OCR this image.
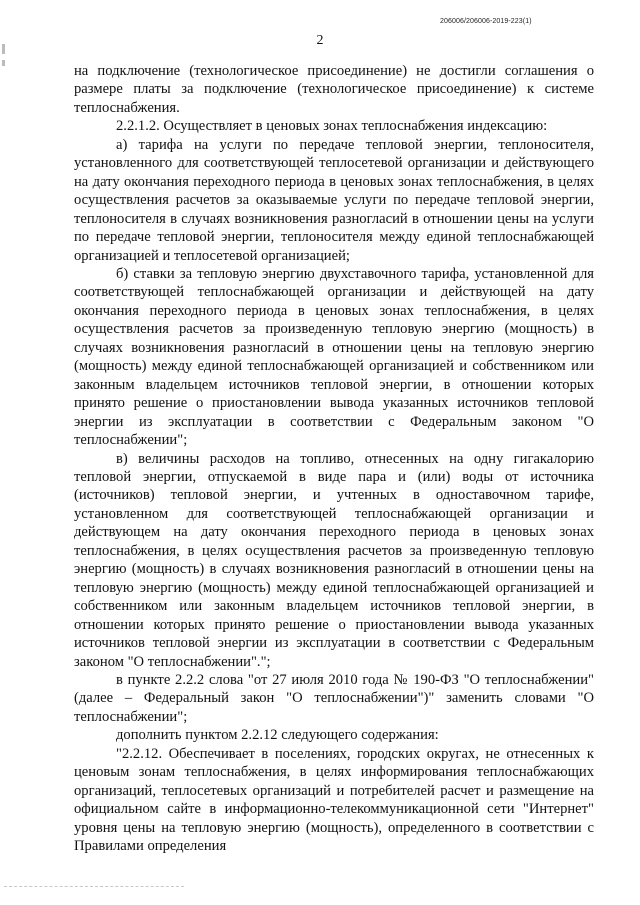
206006/206006-2019-223(1)
2

на подключение (технологическое присоединение) не достигли соглашения о размере платы за подключение (технологическое присоединение) к системе теплоснабжения.

2.2.1.2. Осуществляет в ценовых зонах теплоснабжения индексацию:

а) тарифа на услуги по передаче тепловой энергии, теплоносителя, установленного для соответствующей теплосетевой организации и действующего на дату окончания переходного периода в ценовых зонах теплоснабжения, в целях осуществления расчетов за оказываемые услуги по передаче тепловой энергии, теплоносителя в случаях возникновения разногласий в отношении цены на услуги по передаче тепловой энергии, теплоносителя между единой теплоснабжающей организацией и теплосетевой организацией;

б) ставки за тепловую энергию двухставочного тарифа, установленной для соответствующей теплоснабжающей организации и действующей на дату окончания переходного периода в ценовых зонах теплоснабжения, в целях осуществления расчетов за произведенную тепловую энергию (мощность) в случаях возникновения разногласий в отношении цены на тепловую энергию (мощность) между единой теплоснабжающей организацией и собственником или законным владельцем источников тепловой энергии, в отношении которых принято решение о приостановлении вывода указанных источников тепловой энергии из эксплуатации в соответствии с Федеральным законом "О теплоснабжении";

в) величины расходов на топливо, отнесенных на одну гигакалорию тепловой энергии, отпускаемой в виде пара и (или) воды от источника (источников) тепловой энергии, и учтенных в одноставочном тарифе, установленном для соответствующей теплоснабжающей организации и действующем на дату окончания переходного периода в ценовых зонах теплоснабжения, в целях осуществления расчетов за произведенную тепловую энергию (мощность) в случаях возникновения разногласий в отношении цены на тепловую энергию (мощность) между единой теплоснабжающей организацией и собственником или законным владельцем источников тепловой энергии, в отношении которых принято решение о приостановлении вывода указанных источников тепловой энергии из эксплуатации в соответствии с Федеральным законом "О теплоснабжении".";

в пункте 2.2.2 слова "от 27 июля 2010 года № 190-ФЗ "О теплоснабжении" (далее – Федеральный закон "О теплоснабжении")" заменить словами "О теплоснабжении";

дополнить пунктом 2.2.12 следующего содержания:

"2.2.12. Обеспечивает в поселениях, городских округах, не отнесенных к ценовым зонам теплоснабжения, в целях информирования теплоснабжающих организаций, теплосетевых организаций и потребителей расчет и размещение на официальном сайте в информационно-телекоммуникационной сети "Интернет" уровня цены на тепловую энергию (мощность), определенного в соответствии с Правилами определения
